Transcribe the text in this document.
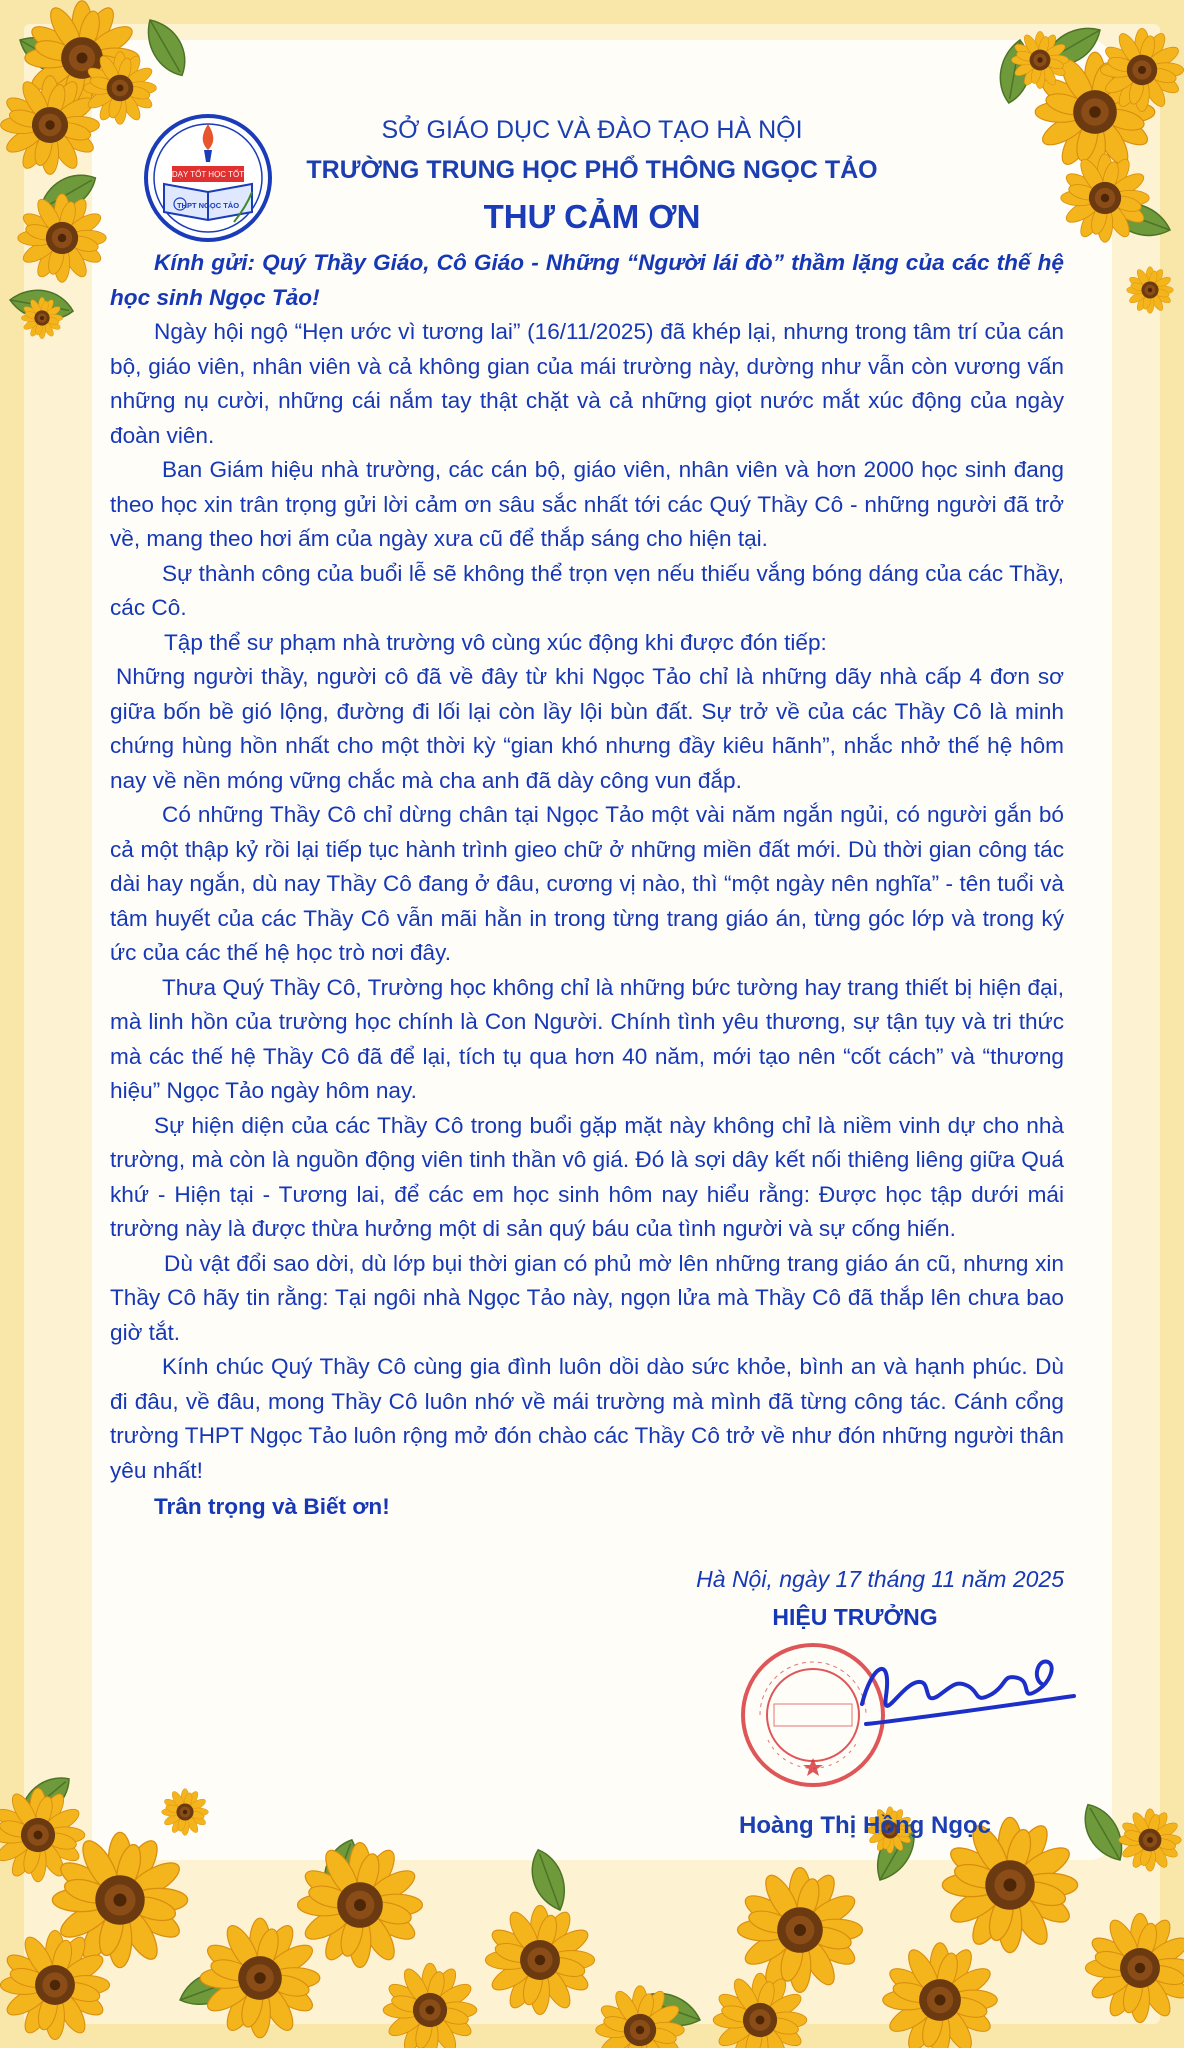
DẠY TỐT HỌC TỐT
THPT NGỌC TẢO
SỞ GIÁO DỤC VÀ ĐÀO TẠO HÀ NỘI
TRƯỜNG TRUNG HỌC PHỔ THÔNG NGỌC TẢO
THƯ CẢM ƠN

Kính gửi: Quý Thầy Giáo, Cô Giáo - Những “Người lái đò” thầm lặng của các thế hệ học sinh Ngọc Tảo!

Ngày hội ngộ “Hẹn ước vì tương lai” (16/11/2025) đã khép lại, nhưng trong tâm trí của cán bộ, giáo viên, nhân viên và cả không gian của mái trường này, dường như vẫn còn vương vấn những nụ cười, những cái nắm tay thật chặt và cả những giọt nước mắt xúc động của ngày đoàn viên.

Ban Giám hiệu nhà trường, các cán bộ, giáo viên, nhân viên và hơn 2000 học sinh đang theo học xin trân trọng gửi lời cảm ơn sâu sắc nhất tới các Quý Thầy Cô - những người đã trở về, mang theo hơi ấm của ngày xưa cũ để thắp sáng cho hiện tại.

Sự thành công của buổi lễ sẽ không thể trọn vẹn nếu thiếu vắng bóng dáng của các Thầy, các Cô.

Tập thể sư phạm nhà trường vô cùng xúc động khi được đón tiếp:

Những người thầy, người cô đã về đây từ khi Ngọc Tảo chỉ là những dãy nhà cấp 4 đơn sơ giữa bốn bề gió lộng, đường đi lối lại còn lầy lội bùn đất. Sự trở về của các Thầy Cô là minh chứng hùng hồn nhất cho một thời kỳ “gian khó nhưng đầy kiêu hãnh”, nhắc nhở thế hệ hôm nay về nền móng vững chắc mà cha anh đã dày công vun đắp.

Có những Thầy Cô chỉ dừng chân tại Ngọc Tảo một vài năm ngắn ngủi, có người gắn bó cả một thập kỷ rồi lại tiếp tục hành trình gieo chữ ở những miền đất mới. Dù thời gian công tác dài hay ngắn, dù nay Thầy Cô đang ở đâu, cương vị nào, thì “một ngày nên nghĩa” - tên tuổi và tâm huyết của các Thầy Cô vẫn mãi hằn in trong từng trang giáo án, từng góc lớp và trong ký ức của các thế hệ học trò nơi đây.

Thưa Quý Thầy Cô, Trường học không chỉ là những bức tường hay trang thiết bị hiện đại, mà linh hồn của trường học chính là Con Người. Chính tình yêu thương, sự tận tụy và tri thức mà các thế hệ Thầy Cô đã để lại, tích tụ qua hơn 40 năm, mới tạo nên “cốt cách” và “thương hiệu” Ngọc Tảo ngày hôm nay.

Sự hiện diện của các Thầy Cô trong buổi gặp mặt này không chỉ là niềm vinh dự cho nhà trường, mà còn là nguồn động viên tinh thần vô giá. Đó là sợi dây kết nối thiêng liêng giữa Quá khứ - Hiện tại - Tương lai, để các em học sinh hôm nay hiểu rằng: Được học tập dưới mái trường này là được thừa hưởng một di sản quý báu của tình người và sự cống hiến.

Dù vật đổi sao dời, dù lớp bụi thời gian có phủ mờ lên những trang giáo án cũ, nhưng xin Thầy Cô hãy tin rằng: Tại ngôi nhà Ngọc Tảo này, ngọn lửa mà Thầy Cô đã thắp lên chưa bao giờ tắt.

Kính chúc Quý Thầy Cô cùng gia đình luôn dồi dào sức khỏe, bình an và hạnh phúc. Dù đi đâu, về đâu, mong Thầy Cô luôn nhớ về mái trường mà mình đã từng công tác. Cánh cổng trường THPT Ngọc Tảo luôn rộng mở đón chào các Thầy Cô trở về như đón những người thân yêu nhất!

Trân trọng và Biết ơn!

Hà Nội, ngày 17 tháng 11 năm 2025
HIỆU TRƯỞNG
Hoàng Thị Hồng Ngọc
